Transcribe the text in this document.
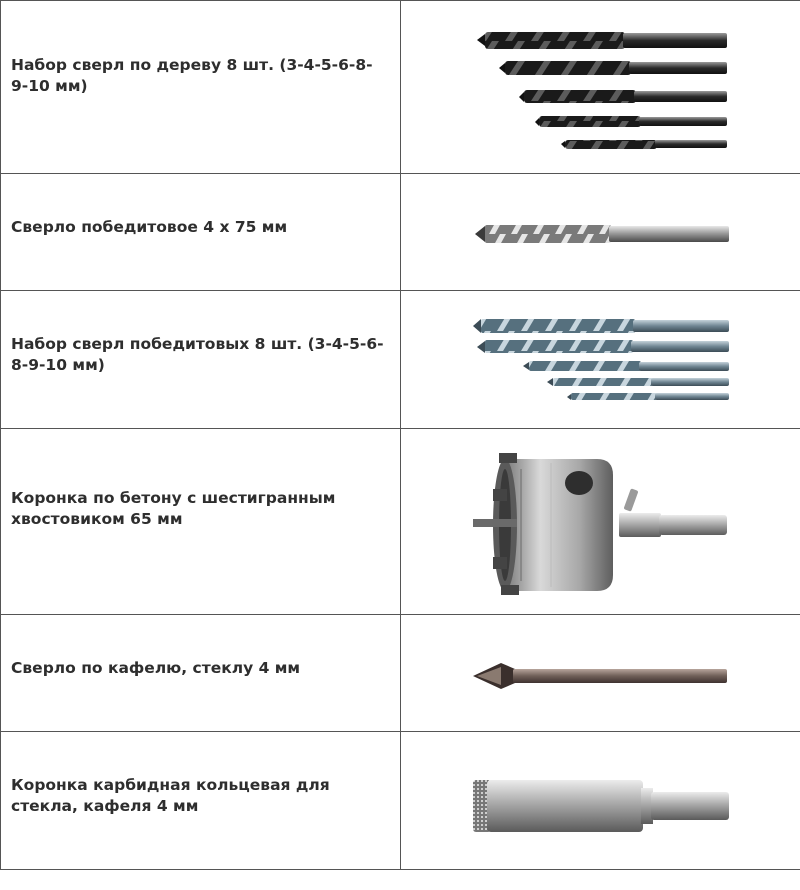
Набор сверл по дереву 8 шт. (3-4-5-6-8-9-10 мм)

Сверло победитовое 4 х 75 мм

Набор сверл победитовых 8 шт. (3-4-5-6-8-9-10 мм)

Коронка по бетону с шестигранным хвостовиком 65 мм

Сверло по кафелю, стеклу 4 мм

Коронка карбидная кольцевая для стекла, кафеля 4 мм
